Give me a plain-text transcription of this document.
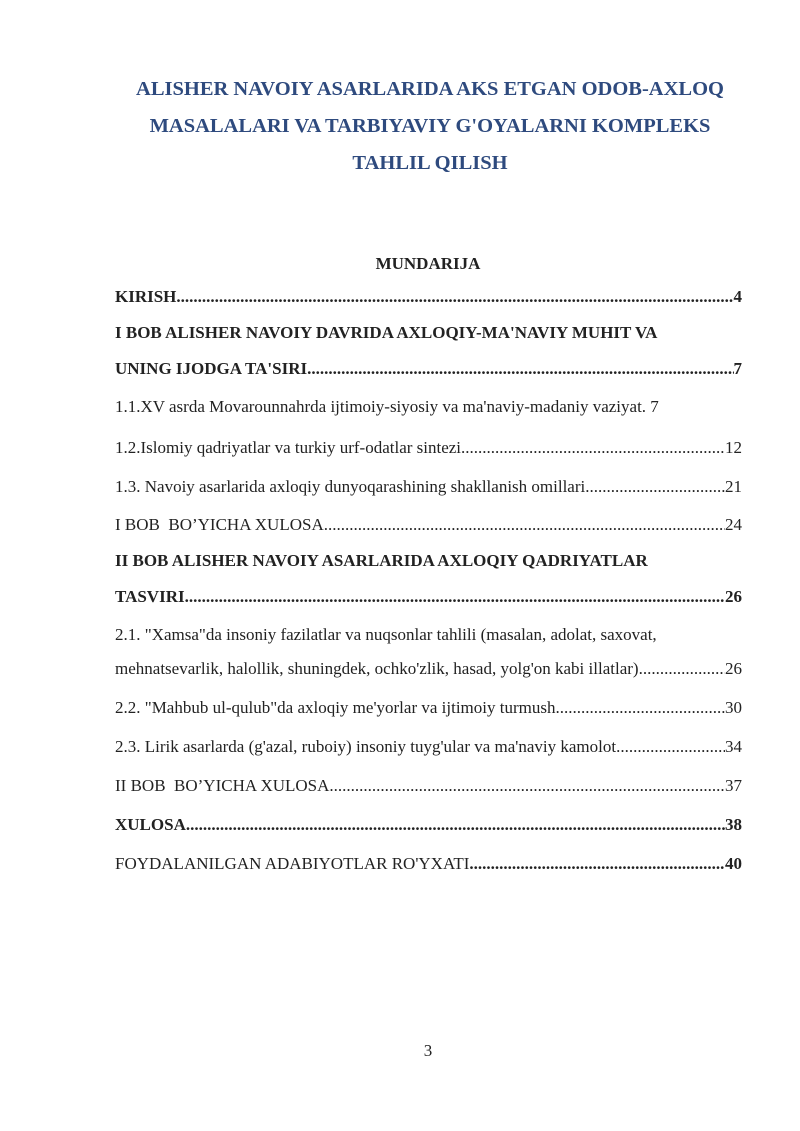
ALISHER NAVOIY ASARLARIDA AKS ETGAN ODOB-AXLOQ
MASALALARI VA TARBIYAVIY G'OYALARNI KOMPLEKS
TAHLIL QILISH
MUNDARIJA
KIRISH .....	4
I BOB ALISHER NAVOIY DAVRIDA AXLOQIY-MA'NAVIY MUHIT VA
UNING IJODGA TA'SIRI .....	7
1.1.XV asrda Movarounnahrda ijtimoiy-siyosiy va ma'naviy-madaniy vaziyat. 7
1.2.Islomiy qadriyatlar va turkiy urf-odatlar sintezi .....	12
1.3. Navoiy asarlarida axloqiy dunyoqarashining shakllanish omillari .....	21
I BOB  BO’YICHA XULOSA .....	24
II BOB ALISHER NAVOIY ASARLARIDA AXLOQIY QADRIYATLAR
TASVIRI .....	26
2.1. "Xamsa"da insoniy fazilatlar va nuqsonlar tahlili (masalan, adolat, saxovat,
mehnatsevarlik, halollik, shuningdek, ochko'zlik, hasad, yolg'on kabi illatlar) .....	26
2.2. "Mahbub ul-qulub"da axloqiy me'yorlar va ijtimoiy turmush .....	30
2.3. Lirik asarlarda (g'azal, ruboiy) insoniy tuyg'ular va ma'naviy kamolot .....	34
II BOB  BO’YICHA XULOSA .....	37
XULOSA .....	38
FOYDALANILGAN ADABIYOTLAR RO'YXATI .....	40
3
